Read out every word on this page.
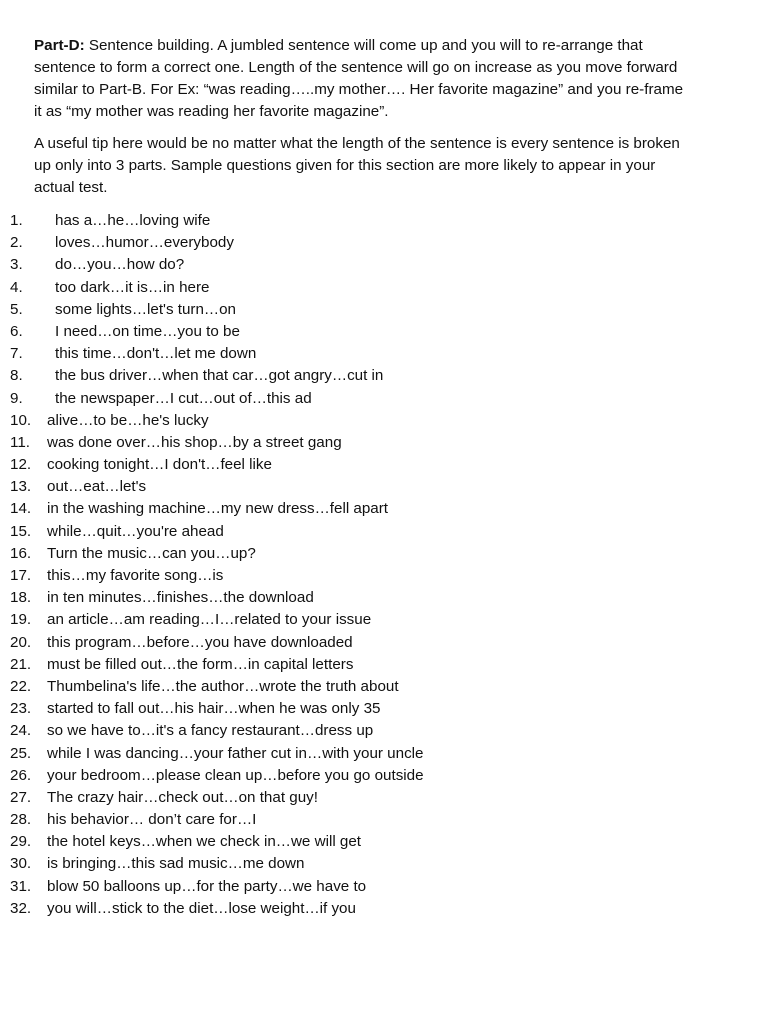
Part-D: Sentence building. A jumbled sentence will come up and you will to re-arrange that sentence to form a correct one. Length of the sentence will go on increase as you move forward similar to Part-B. For Ex: “was reading…..my mother…. Her favorite magazine” and you re-frame it as “my mother was reading her favorite magazine”.

A useful tip here would be no matter what the length of the sentence is every sentence is broken up only into 3 parts. Sample questions given for this section are more likely to appear in your actual test.

1.	has a…he…loving wife
2.	loves…humor…everybody
3.	do…you…how do?
4.	too dark…it is…in here
5.	some lights…let's turn…on
6.	I need…on time…you to be
7.	this time…don't…let me down
8.	the bus driver…when that car…got angry…cut in
9.	the newspaper…I cut…out of…this ad
10.	alive…to be…he's lucky
11.	was done over…his shop…by a street gang
12.	cooking tonight…I don't…feel like
13.	out…eat…let's
14.	in the washing machine…my new dress…fell apart
15.	while…quit…you're ahead
16.	Turn the music…can you…up?
17.	this…my favorite song…is
18.	in ten minutes…finishes…the download
19.	an article…am reading…I…related to your issue
20.	this program…before…you have downloaded
21.	must be filled out…the form…in capital letters
22.	Thumbelina's life…the author…wrote the truth about
23.	started to fall out…his hair…when he was only 35
24.	so we have to…it's a fancy restaurant…dress up
25.	while I was dancing…your father cut in…with your uncle
26.	your bedroom…please clean up…before you go outside
27.	The crazy hair…check out…on that guy!
28.	his behavior… don’t care for…I
29.	the hotel keys…when we check in…we will get
30.	is bringing…this sad music…me down
31.	blow 50 balloons up…for the party…we have to
32.	you will…stick to the diet…lose weight…if you
